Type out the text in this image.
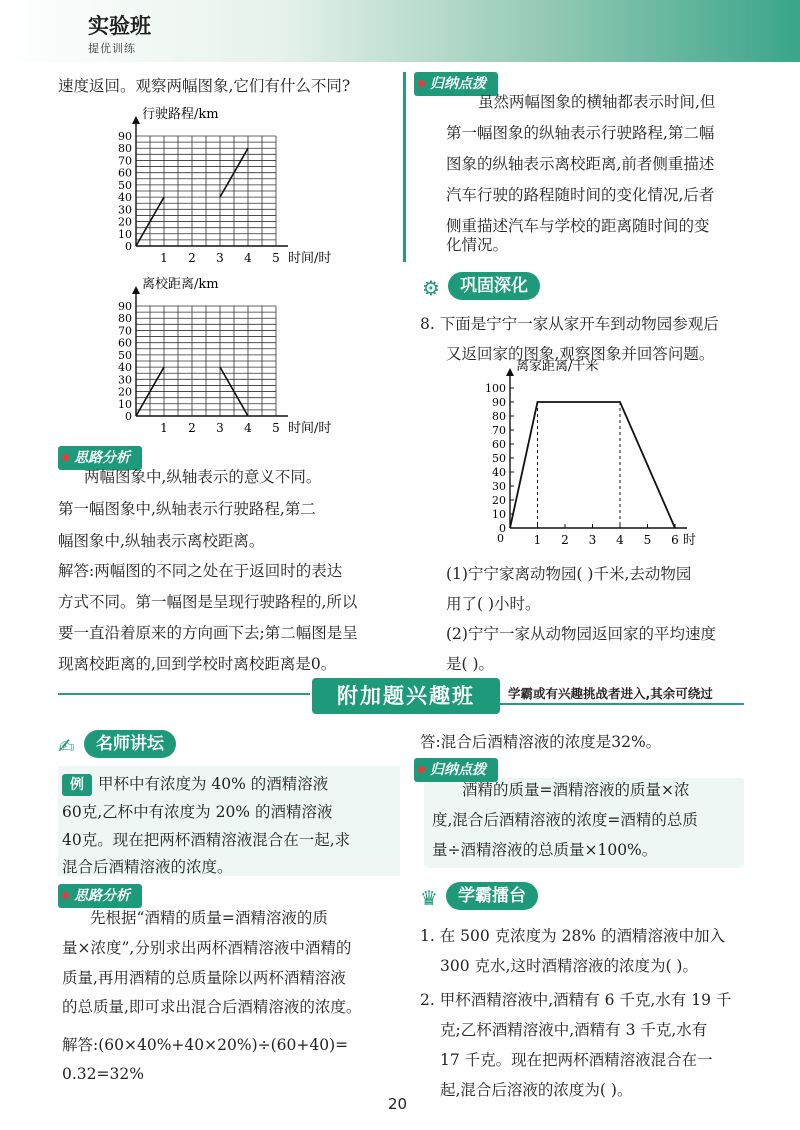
实验班
提优训练
速度返回。观察两幅图象,它们有什么不同?
0
10
20
30
40
50
60
70
80
90
1 2 3 4 5 时间/时
行驶路程/km
0
10
20
30
40
50
60
70
80
90
1 2 3 4 5 时间/时
离校距离/km
思路分析
两幅图象中,纵轴表示的意义不同。
第一幅图象中,纵轴表示行驶路程,第二
幅图象中,纵轴表示离校距离。
解答:两幅图的不同之处在于返回时的表达
方式不同。第一幅图是呈现行驶路程的,所以
要一直沿着原来的方向画下去;第二幅图是呈
现离校距离的,回到学校时离校距离是0。
归纳点拨
虽然两幅图象的横轴都表示时间,但
第一幅图象的纵轴表示行驶路程,第二幅
图象的纵轴表示离校距离,前者侧重描述
汽车行驶的路程随时间的变化情况,后者
侧重描述汽车与学校的距离随时间的变
化情况。
⚙	巩固深化
8. 下面是宁宁一家从家开车到动物园参观后
又返回家的图象,观察图象并回答问题。
0
10
20
30
40
50
60
70
80
90
100
0 1 2 3 4 5 6 时
离家距离/千米
(1)宁宁家离动物园( )千米,去动物园
用了( )小时。
(2)宁宁一家从动物园返回家的平均速度
是( )。
附加题兴趣班	学霸或有兴趣挑战者进入,其余可绕过
✍	名师讲坛
例 甲杯中有浓度为 40% 的酒精溶液
60克,乙杯中有浓度为 20% 的酒精溶液
40克。现在把两杯酒精溶液混合在一起,求
混合后酒精溶液的浓度。
思路分析
先根据“酒精的质量=酒精溶液的质
量×浓度”,分别求出两杯酒精溶液中酒精的
质量,再用酒精的总质量除以两杯酒精溶液
的总质量,即可求出混合后酒精溶液的浓度。
解答:(60×40%+40×20%)÷(60+40)=
0.32=32%
答:混合后酒精溶液的浓度是32%。
归纳点拨
酒精的质量=酒精溶液的质量×浓
度,混合后酒精溶液的浓度=酒精的总质
量÷酒精溶液的总质量×100%。
♛	学霸擂台
1. 在 500 克浓度为 28% 的酒精溶液中加入
300 克水,这时酒精溶液的浓度为( )。
2. 甲杯酒精溶液中,酒精有 6 千克,水有 19 千
克;乙杯酒精溶液中,酒精有 3 千克,水有
17 千克。现在把两杯酒精溶液混合在一
起,混合后溶液的浓度为( )。
20
